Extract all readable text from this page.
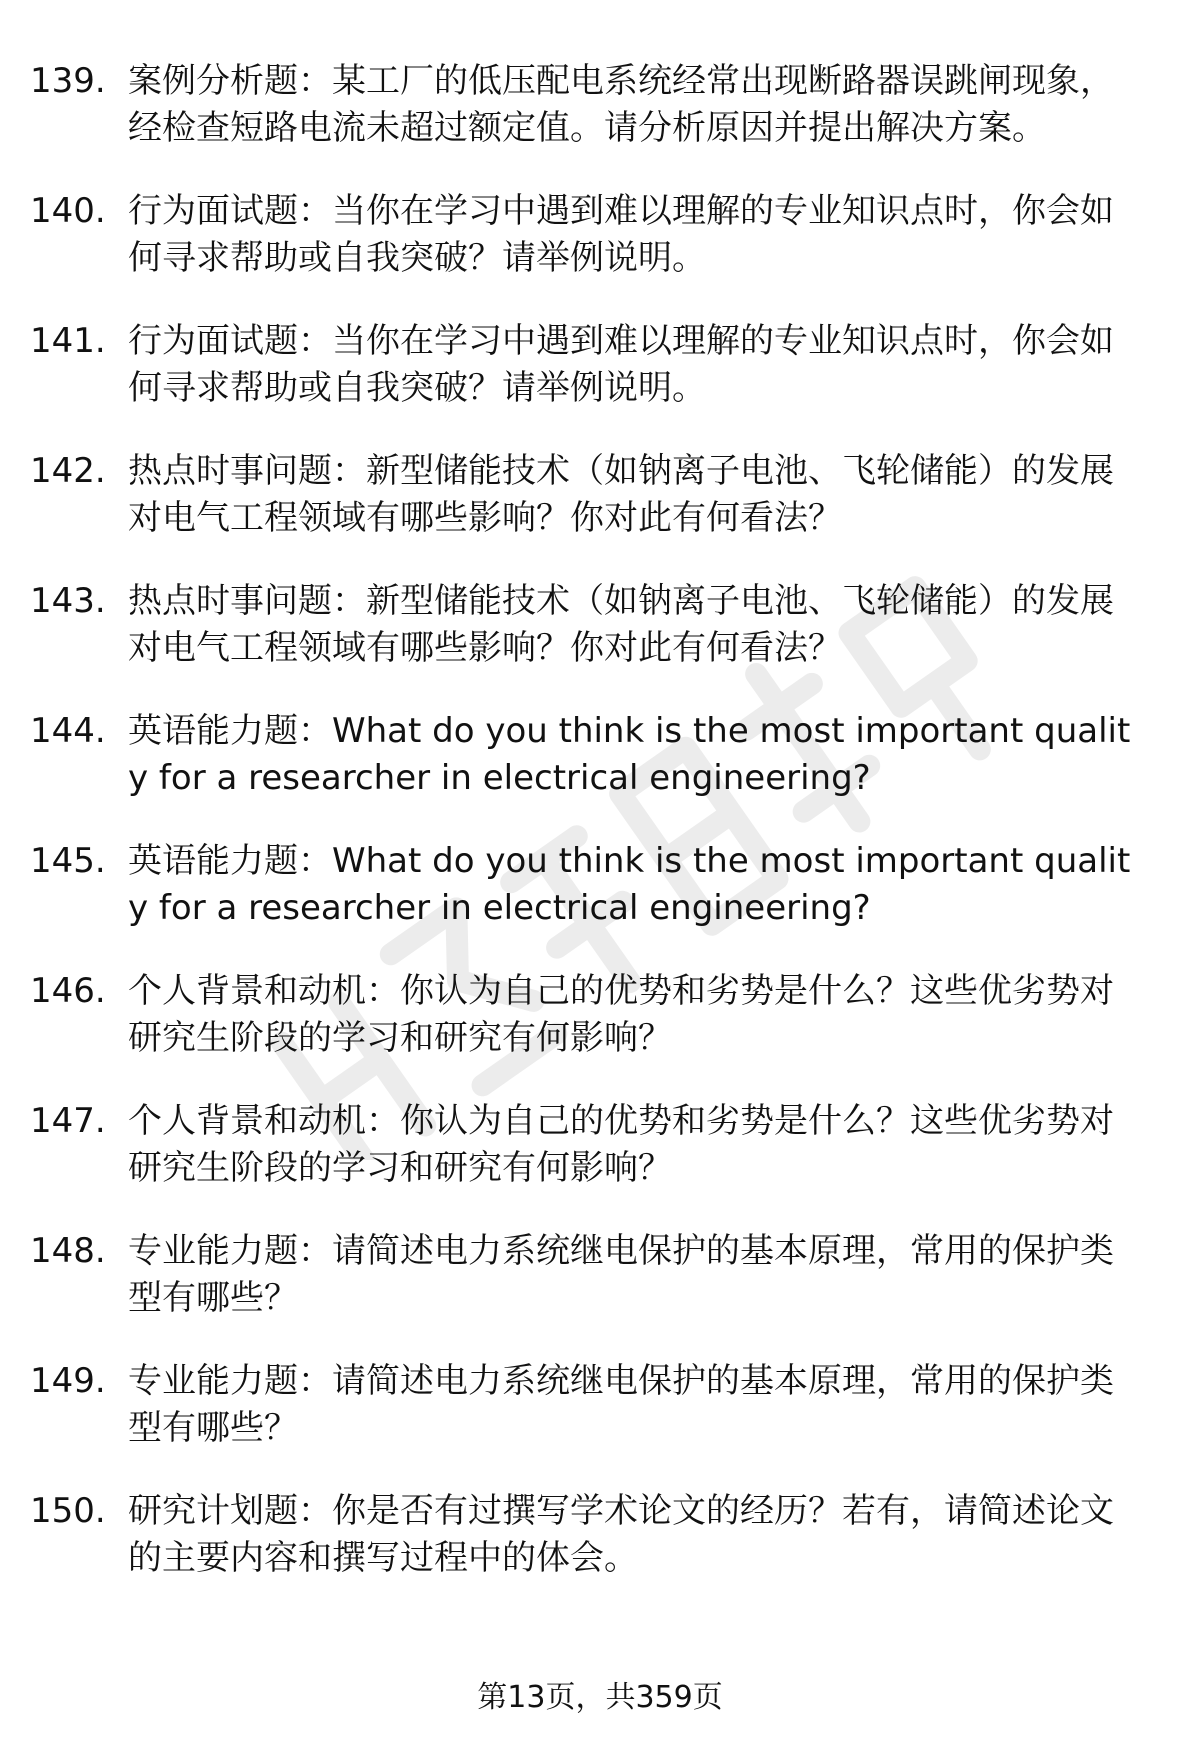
139. 案例分析题：某工厂的低压配电系统经常出现断路器误跳闸现象，经检查短路电流未超过额定值。请分析原因并提出解决方案。
140. 行为面试题：当你在学习中遇到难以理解的专业知识点时，你会如何寻求帮助或自我突破？请举例说明。
141. 行为面试题：当你在学习中遇到难以理解的专业知识点时，你会如何寻求帮助或自我突破？请举例说明。
142. 热点时事问题：新型储能技术（如钠离子电池、飞轮储能）的发展对电气工程领域有哪些影响？你对此有何看法？
143. 热点时事问题：新型储能技术（如钠离子电池、飞轮储能）的发展对电气工程领域有哪些影响？你对此有何看法？
144. 英语能力题：What do you think is the most important quality for a researcher in electrical engineering?
145. 英语能力题：What do you think is the most important quality for a researcher in electrical engineering?
146. 个人背景和动机：你认为自己的优势和劣势是什么？这些优劣势对研究生阶段的学习和研究有何影响？
147. 个人背景和动机：你认为自己的优势和劣势是什么？这些优劣势对研究生阶段的学习和研究有何影响？
148. 专业能力题：请简述电力系统继电保护的基本原理，常用的保护类型有哪些？
149. 专业能力题：请简述电力系统继电保护的基本原理，常用的保护类型有哪些？
150. 研究计划题：你是否有过撰写学术论文的经历？若有，请简述论文的主要内容和撰写过程中的体会。
第13页，共359页
